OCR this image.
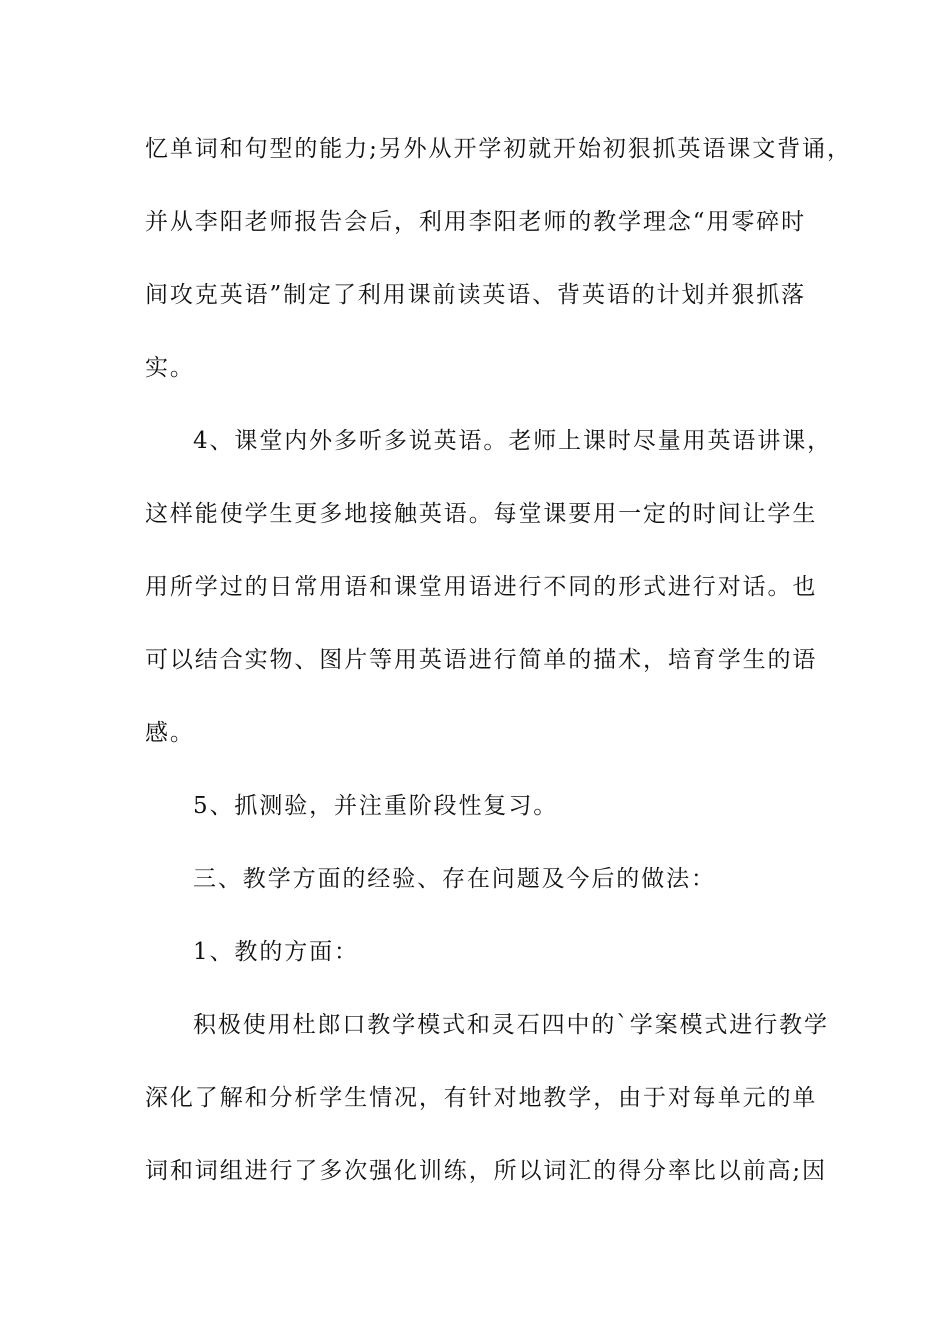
忆单词和句型的能力;另外从开学初就开始初狠抓英语课文背诵，
并从李阳老师报告会后，利用李阳老师的教学理念“用零碎时
间攻克英语”制定了利用课前读英语、背英语的计划并狠抓落
实。
4、课堂内外多听多说英语。老师上课时尽量用英语讲课，
这样能使学生更多地接触英语。每堂课要用一定的时间让学生
用所学过的日常用语和课堂用语进行不同的形式进行对话。也
可以结合实物、图片等用英语进行简单的描术，培育学生的语
感。
5、抓测验，并注重阶段性复习。
三、教学方面的经验、存在问题及今后的做法：
1、教的方面：
积极使用杜郎口教学模式和灵石四中的`学案模式进行教学
深化了解和分析学生情况，有针对地教学，由于对每单元的单
词和词组进行了多次强化训练，所以词汇的得分率比以前高;因
